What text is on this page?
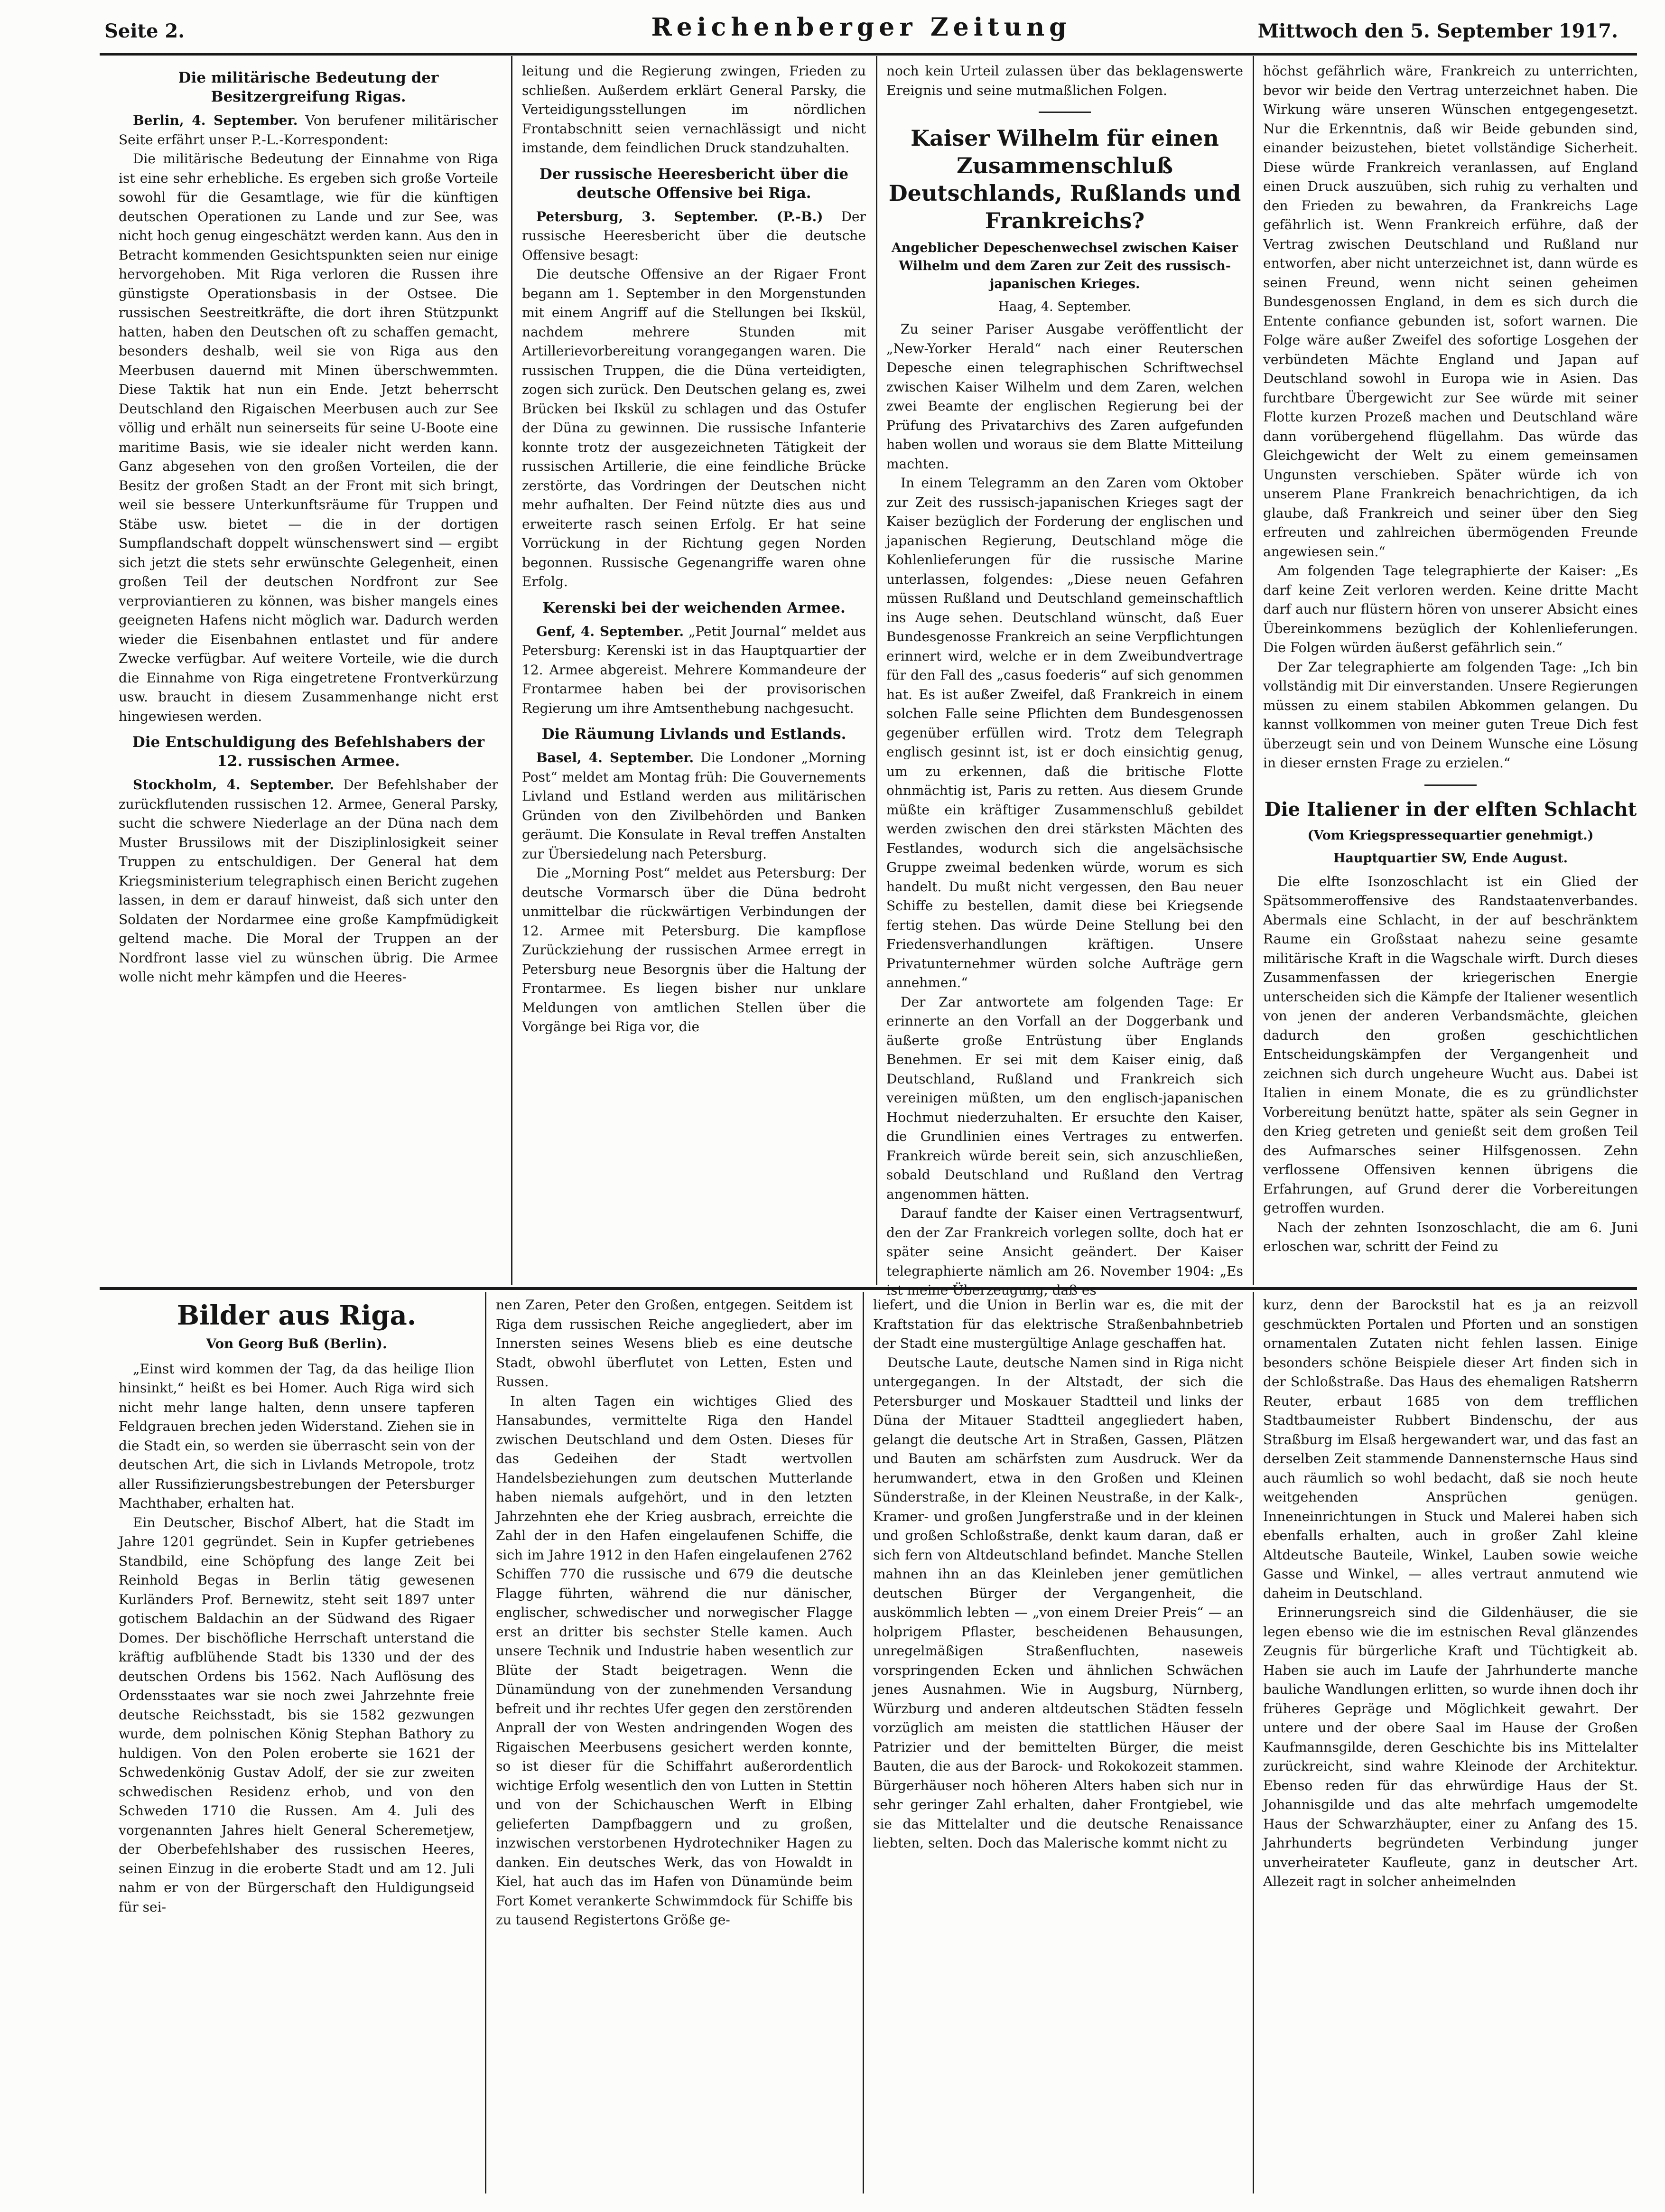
Seite 2.	Reichenberger Zeitung	Mittwoch den 5. September 1917.
Die militärische Bedeutung der Besitzergreifung Rigas.

Berlin, 4. September. Von berufener militärischer Seite erfährt unser P.-L.-Korrespondent:

Die militärische Bedeutung der Einnahme von Riga ist eine sehr erhebliche. Es ergeben sich große Vorteile sowohl für die Gesamtlage, wie für die künftigen deutschen Operationen zu Lande und zur See, was nicht hoch genug eingeschätzt werden kann. Aus den in Betracht kommenden Gesichtspunkten seien nur einige hervorgehoben. Mit Riga verloren die Russen ihre günstigste Operationsbasis in der Ostsee. Die russischen Seestreitkräfte, die dort ihren Stützpunkt hatten, haben den Deutschen oft zu schaffen gemacht, besonders deshalb, weil sie von Riga aus den Meerbusen dauernd mit Minen überschwemmten. Diese Taktik hat nun ein Ende. Jetzt beherrscht Deutschland den Rigaischen Meerbusen auch zur See völlig und erhält nun seinerseits für seine U-Boote eine maritime Basis, wie sie idealer nicht werden kann. Ganz abgesehen von den großen Vorteilen, die der Besitz der großen Stadt an der Front mit sich bringt, weil sie bessere Unterkunftsräume für Truppen und Stäbe usw. bietet — die in der dortigen Sumpflandschaft doppelt wünschenswert sind — ergibt sich jetzt die stets sehr erwünschte Gelegenheit, einen großen Teil der deutschen Nordfront zur See verproviantieren zu können, was bisher mangels eines geeigneten Hafens nicht möglich war. Dadurch werden wieder die Eisenbahnen entlastet und für andere Zwecke verfügbar. Auf weitere Vorteile, wie die durch die Einnahme von Riga eingetretene Frontverkürzung usw. braucht in diesem Zusammenhange nicht erst hingewiesen werden.

Die Entschuldigung des Befehlshabers der 12. russischen Armee.

Stockholm, 4. September. Der Befehlshaber der zurückflutenden russischen 12. Armee, General Parsky, sucht die schwere Niederlage an der Düna nach dem Muster Brussilows mit der Disziplinlosigkeit seiner Truppen zu entschuldigen. Der General hat dem Kriegsministerium telegraphisch einen Bericht zugehen lassen, in dem er darauf hinweist, daß sich unter den Soldaten der Nordarmee eine große Kampfmüdigkeit geltend mache. Die Moral der Truppen an der Nordfront lasse viel zu wünschen übrig. Die Armee wolle nicht mehr kämpfen und die Heeres-

leitung und die Regierung zwingen, Frieden zu schließen. Außerdem erklärt General Parsky, die Verteidigungsstellungen im nördlichen Frontabschnitt seien vernachlässigt und nicht imstande, dem feindlichen Druck standzuhalten.

Der russische Heeresbericht über die deutsche Offensive bei Riga.

Petersburg, 3. September. (P.-B.) Der russische Heeresbericht über die deutsche Offensive besagt:

Die deutsche Offensive an der Rigaer Front begann am 1. September in den Morgenstunden mit einem Angriff auf die Stellungen bei Ikskül, nachdem mehrere Stunden mit Artillerievorbereitung vorangegangen waren. Die russischen Truppen, die die Düna verteidigten, zogen sich zurück. Den Deutschen gelang es, zwei Brücken bei Ikskül zu schlagen und das Ostufer der Düna zu gewinnen. Die russische Infanterie konnte trotz der ausgezeichneten Tätigkeit der russischen Artillerie, die eine feindliche Brücke zerstörte, das Vordringen der Deutschen nicht mehr aufhalten. Der Feind nützte dies aus und erweiterte rasch seinen Erfolg. Er hat seine Vorrückung in der Richtung gegen Norden begonnen. Russische Gegenangriffe waren ohne Erfolg.

Kerenski bei der weichenden Armee.

Genf, 4. September. „Petit Journal“ meldet aus Petersburg: Kerenski ist in das Hauptquartier der 12. Armee abgereist. Mehrere Kommandeure der Frontarmee haben bei der provisorischen Regierung um ihre Amtsenthebung nachgesucht.

Die Räumung Livlands und Estlands.

Basel, 4. September. Die Londoner „Morning Post“ meldet am Montag früh: Die Gouvernements Livland und Estland werden aus militärischen Gründen von den Zivilbehörden und Banken geräumt. Die Konsulate in Reval treffen Anstalten zur Übersiedelung nach Petersburg.

Die „Morning Post“ meldet aus Petersburg: Der deutsche Vormarsch über die Düna bedroht unmittelbar die rückwärtigen Verbindungen der 12. Armee mit Petersburg. Die kampflose Zurückziehung der russischen Armee erregt in Petersburg neue Besorgnis über die Haltung der Frontarmee. Es liegen bisher nur unklare Meldungen von amtlichen Stellen über die Vorgänge bei Riga vor, die

noch kein Urteil zulassen über das beklagenswerte Ereignis und seine mutmaßlichen Folgen.

Kaiser Wilhelm für einen Zusammenschluß Deutschlands, Rußlands und Frankreichs?
Angeblicher Depeschenwechsel zwischen Kaiser Wilhelm und dem Zaren zur Zeit des russisch-japanischen Krieges.
Haag, 4. September.

Zu seiner Pariser Ausgabe veröffentlicht der „New-Yorker Herald“ nach einer Reuterschen Depesche einen telegraphischen Schriftwechsel zwischen Kaiser Wilhelm und dem Zaren, welchen zwei Beamte der englischen Regierung bei der Prüfung des Privatarchivs des Zaren aufgefunden haben wollen und woraus sie dem Blatte Mitteilung machten.

In einem Telegramm an den Zaren vom Oktober zur Zeit des russisch-japanischen Krieges sagt der Kaiser bezüglich der Forderung der englischen und japanischen Regierung, Deutschland möge die Kohlenlieferungen für die russische Marine unterlassen, folgendes: „Diese neuen Gefahren müssen Rußland und Deutschland gemeinschaftlich ins Auge sehen. Deutschland wünscht, daß Euer Bundesgenosse Frankreich an seine Verpflichtungen erinnert wird, welche er in dem Zweibundvertrage für den Fall des „casus foederis“ auf sich genommen hat. Es ist außer Zweifel, daß Frankreich in einem solchen Falle seine Pflichten dem Bundesgenossen gegenüber erfüllen wird. Trotz dem Telegraph englisch gesinnt ist, ist er doch einsichtig genug, um zu erkennen, daß die britische Flotte ohnmächtig ist, Paris zu retten. Aus diesem Grunde müßte ein kräftiger Zusammenschluß gebildet werden zwischen den drei stärksten Mächten des Festlandes, wodurch sich die angelsächsische Gruppe zweimal bedenken würde, worum es sich handelt. Du mußt nicht vergessen, den Bau neuer Schiffe zu bestellen, damit diese bei Kriegsende fertig stehen. Das würde Deine Stellung bei den Friedensverhandlungen kräftigen. Unsere Privatunternehmer würden solche Aufträge gern annehmen.“

Der Zar antwortete am folgenden Tage: Er erinnerte an den Vorfall an der Doggerbank und äußerte große Entrüstung über Englands Benehmen. Er sei mit dem Kaiser einig, daß Deutschland, Rußland und Frankreich sich vereinigen müßten, um den englisch-japanischen Hochmut niederzuhalten. Er ersuchte den Kaiser, die Grundlinien eines Vertrages zu entwerfen. Frankreich würde bereit sein, sich anzuschließen, sobald Deutschland und Rußland den Vertrag angenommen hätten.

Darauf fandte der Kaiser einen Vertragsentwurf, den der Zar Frankreich vorlegen sollte, doch hat er später seine Ansicht geändert. Der Kaiser telegraphierte nämlich am 26. November 1904: „Es ist meine Überzeugung, daß es

höchst gefährlich wäre, Frankreich zu unterrichten, bevor wir beide den Vertrag unterzeichnet haben. Die Wirkung wäre unseren Wünschen entgegengesetzt. Nur die Erkenntnis, daß wir Beide gebunden sind, einander beizustehen, bietet vollständige Sicherheit. Diese würde Frankreich veranlassen, auf England einen Druck auszuüben, sich ruhig zu verhalten und den Frieden zu bewahren, da Frankreichs Lage gefährlich ist. Wenn Frankreich erführe, daß der Vertrag zwischen Deutschland und Rußland nur entworfen, aber nicht unterzeichnet ist, dann würde es seinen Freund, wenn nicht seinen geheimen Bundesgenossen England, in dem es sich durch die Entente confiance gebunden ist, sofort warnen. Die Folge wäre außer Zweifel des sofortige Losgehen der verbündeten Mächte England und Japan auf Deutschland sowohl in Europa wie in Asien. Das furchtbare Übergewicht zur See würde mit seiner Flotte kurzen Prozeß machen und Deutschland wäre dann vorübergehend flügellahm. Das würde das Gleichgewicht der Welt zu einem gemeinsamen Ungunsten verschieben. Später würde ich von unserem Plane Frankreich benachrichtigen, da ich glaube, daß Frankreich und seiner über den Sieg erfreuten und zahlreichen übermögenden Freunde angewiesen sein.“

Am folgenden Tage telegraphierte der Kaiser: „Es darf keine Zeit verloren werden. Keine dritte Macht darf auch nur flüstern hören von unserer Absicht eines Übereinkommens bezüglich der Kohlenlieferungen. Die Folgen würden äußerst gefährlich sein.“

Der Zar telegraphierte am folgenden Tage: „Ich bin vollständig mit Dir einverstanden. Unsere Regierungen müssen zu einem stabilen Abkommen gelangen. Du kannst vollkommen von meiner guten Treue Dich fest überzeugt sein und von Deinem Wunsche eine Lösung in dieser ernsten Frage zu erzielen.“

Die Italiener in der elften Schlacht
(Vom Kriegspressequartier genehmigt.)
Hauptquartier SW, Ende August.

Die elfte Isonzoschlacht ist ein Glied der Spätsommeroffensive des Randstaatenverbandes. Abermals eine Schlacht, in der auf beschränktem Raume ein Großstaat nahezu seine gesamte militärische Kraft in die Wagschale wirft. Durch dieses Zusammenfassen der kriegerischen Energie unterscheiden sich die Kämpfe der Italiener wesentlich von jenen der anderen Verbandsmächte, gleichen dadurch den großen geschichtlichen Entscheidungskämpfen der Vergangenheit und zeichnen sich durch ungeheure Wucht aus. Dabei ist Italien in einem Monate, die es zu gründlichster Vorbereitung benützt hatte, später als sein Gegner in den Krieg getreten und genießt seit dem großen Teil des Aufmarsches seiner Hilfsgenossen. Zehn verflossene Offensiven kennen übrigens die Erfahrungen, auf Grund derer die Vorbereitungen getroffen wurden.

Nach der zehnten Isonzoschlacht, die am 6. Juni erloschen war, schritt der Feind zu

Bilder aus Riga.
Von Georg Buß (Berlin).

„Einst wird kommen der Tag, da das heilige Ilion hinsinkt,“ heißt es bei Homer. Auch Riga wird sich nicht mehr lange halten, denn unsere tapferen Feldgrauen brechen jeden Widerstand. Ziehen sie in die Stadt ein, so werden sie überrascht sein von der deutschen Art, die sich in Livlands Metropole, trotz aller Russifizierungsbestrebungen der Petersburger Machthaber, erhalten hat.

Ein Deutscher, Bischof Albert, hat die Stadt im Jahre 1201 gegründet. Sein in Kupfer getriebenes Standbild, eine Schöpfung des lange Zeit bei Reinhold Begas in Berlin tätig gewesenen Kurländers Prof. Bernewitz, steht seit 1897 unter gotischem Baldachin an der Südwand des Rigaer Domes. Der bischöfliche Herrschaft unterstand die kräftig aufblühende Stadt bis 1330 und der des deutschen Ordens bis 1562. Nach Auflösung des Ordensstaates war sie noch zwei Jahrzehnte freie deutsche Reichsstadt, bis sie 1582 gezwungen wurde, dem polnischen König Stephan Bathory zu huldigen. Von den Polen eroberte sie 1621 der Schwedenkönig Gustav Adolf, der sie zur zweiten schwedischen Residenz erhob, und von den Schweden 1710 die Russen. Am 4. Juli des vorgenannten Jahres hielt General Scheremetjew, der Oberbefehlshaber des russischen Heeres, seinen Einzug in die eroberte Stadt und am 12. Juli nahm er von der Bürgerschaft den Huldigungseid für sei-

nen Zaren, Peter den Großen, entgegen. Seitdem ist Riga dem russischen Reiche angegliedert, aber im Innersten seines Wesens blieb es eine deutsche Stadt, obwohl überflutet von Letten, Esten und Russen.

In alten Tagen ein wichtiges Glied des Hansabundes, vermittelte Riga den Handel zwischen Deutschland und dem Osten. Dieses für das Gedeihen der Stadt wertvollen Handelsbeziehungen zum deutschen Mutterlande haben niemals aufgehört, und in den letzten Jahrzehnten ehe der Krieg ausbrach, erreichte die Zahl der in den Hafen eingelaufenen Schiffe, die sich im Jahre 1912 in den Hafen eingelaufenen 2762 Schiffen 770 die russische und 679 die deutsche Flagge führten, während die nur dänischer, englischer, schwedischer und norwegischer Flagge erst an dritter bis sechster Stelle kamen. Auch unsere Technik und Industrie haben wesentlich zur Blüte der Stadt beigetragen. Wenn die Dünamündung von der zunehmenden Versandung befreit und ihr rechtes Ufer gegen den zerstörenden Anprall der von Westen andringenden Wogen des Rigaischen Meerbusens gesichert werden konnte, so ist dieser für die Schiffahrt außerordentlich wichtige Erfolg wesentlich den von Lutten in Stettin und von der Schichauschen Werft in Elbing gelieferten Dampfbaggern und zu großen, inzwischen verstorbenen Hydrotechniker Hagen zu danken. Ein deutsches Werk, das von Howaldt in Kiel, hat auch das im Hafen von Dünamünde beim Fort Komet verankerte Schwimmdock für Schiffe bis zu tausend Registertons Größe ge-

liefert, und die Union in Berlin war es, die mit der Kraftstation für das elektrische Straßenbahnbetrieb der Stadt eine mustergültige Anlage geschaffen hat.

Deutsche Laute, deutsche Namen sind in Riga nicht untergegangen. In der Altstadt, der sich die Petersburger und Moskauer Stadtteil und links der Düna der Mitauer Stadtteil angegliedert haben, gelangt die deutsche Art in Straßen, Gassen, Plätzen und Bauten am schärfsten zum Ausdruck. Wer da herumwandert, etwa in den Großen und Kleinen Sünderstraße, in der Kleinen Neustraße, in der Kalk-, Kramer- und großen Jungferstraße und in der kleinen und großen Schloßstraße, denkt kaum daran, daß er sich fern von Altdeutschland befindet. Manche Stellen mahnen ihn an das Kleinleben jener gemütlichen deutschen Bürger der Vergangenheit, die auskömmlich lebten — „von einem Dreier Preis“ — an holprigem Pflaster, bescheidenen Behausungen, unregelmäßigen Straßenfluchten, naseweis vorspringenden Ecken und ähnlichen Schwächen jenes Ausnahmen. Wie in Augsburg, Nürnberg, Würzburg und anderen altdeutschen Städten fesseln vorzüglich am meisten die stattlichen Häuser der Patrizier und der bemittelten Bürger, die meist Bauten, die aus der Barock- und Rokokozeit stammen. Bürgerhäuser noch höheren Alters haben sich nur in sehr geringer Zahl erhalten, daher Frontgiebel, wie sie das Mittelalter und die deutsche Renaissance liebten, selten. Doch das Malerische kommt nicht zu

kurz, denn der Barockstil hat es ja an reizvoll geschmückten Portalen und Pforten und an sonstigen ornamentalen Zutaten nicht fehlen lassen. Einige besonders schöne Beispiele dieser Art finden sich in der Schloßstraße. Das Haus des ehemaligen Ratsherrn Reuter, erbaut 1685 von dem trefflichen Stadtbaumeister Rubbert Bindenschu, der aus Straßburg im Elsaß hergewandert war, und das fast an derselben Zeit stammende Dannensternsche Haus sind auch räumlich so wohl bedacht, daß sie noch heute weitgehenden Ansprüchen genügen. Inneneinrichtungen in Stuck und Malerei haben sich ebenfalls erhalten, auch in großer Zahl kleine Altdeutsche Bauteile, Winkel, Lauben sowie weiche Gasse und Winkel, — alles vertraut anmutend wie daheim in Deutschland.

Erinnerungsreich sind die Gildenhäuser, die sie legen ebenso wie die im estnischen Reval glänzendes Zeugnis für bürgerliche Kraft und Tüchtigkeit ab. Haben sie auch im Laufe der Jahrhunderte manche bauliche Wandlungen erlitten, so wurde ihnen doch ihr früheres Gepräge und Möglichkeit gewahrt. Der untere und der obere Saal im Hause der Großen Kaufmannsgilde, deren Geschichte bis ins Mittelalter zurückreicht, sind wahre Kleinode der Architektur. Ebenso reden für das ehrwürdige Haus der St. Johannisgilde und das alte mehrfach umgemodelte Haus der Schwarzhäupter, einer zu Anfang des 15. Jahrhunderts begründeten Verbindung junger unverheirateter Kaufleute, ganz in deutscher Art. Allezeit ragt in solcher anheimelnden
